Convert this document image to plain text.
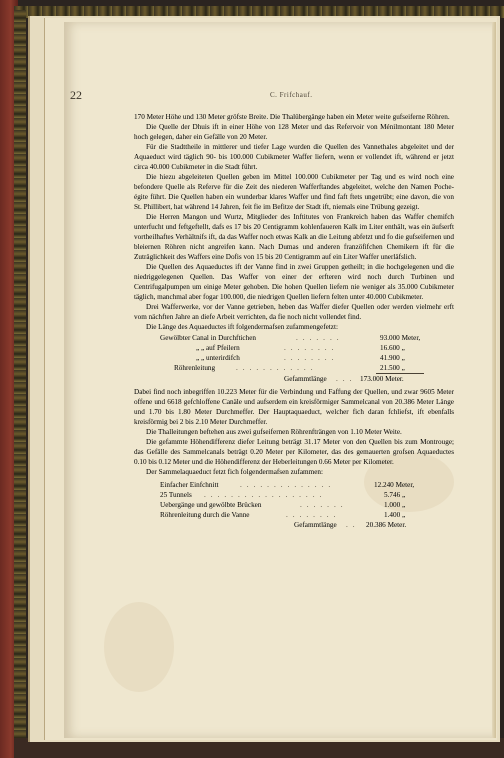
22	C. Frifchauf.

170 Meter Höhe und 130 Meter gröfste Breite. Die Thalübergänge haben ein Meter weite gufseiferne Röhren.

Die Quelle der Dhuis ift in einer Höhe von 128 Meter und das Refervoir von Ménilmontant 180 Meter hoch gelegen, daher ein Gefälle von 20 Meter.

Für die Stadttheile in mittlerer und tiefer Lage wurden die Quellen des Vannethales abgeleitet und der Aquaeduct wird täglich 90- bis 100.000 Cubikmeter Waffer liefern, wenn er vollendet ift, während er jetzt circa 40.000 Cubikmeter in die Stadt führt.

Die hiezu abgeleiteten Quellen geben im Mittel 100.000 Cubikmeter per Tag und es wird noch eine befondere Quelle als Referve für die Zeit des niederen Wafferftandes abgeleitet, welche den Namen Poche-égite führt. Die Quellen haben ein wunderbar klares Waffer und find faft ftets ungetrübt; eine davon, die von St. Phillibert, hat während 14 Jahren, feit fie im Befitze der Stadt ift, niemals eine Trübung gezeigt.

Die Herren Mangon und Wurtz, Mitglieder des Inftitutes von Frankreich haben das Waffer chemifch unterfucht und feftgeftellt, dafs es 17 bis 20 Centigramm kohlenfaueren Kalk im Liter enthält, was ein äufserft vortheilhaftes Verhältnifs ift, da das Waffer noch etwas Kalk an die Leitung abfetzt und fo die gufseifernen und bleiernen Röhren nicht angreifen kann. Nach Dumas und anderen franzöfifchen Chemikern ift für die Zuträglichkeit des Waffers eine Dofis von 15 bis 20 Centigramm auf ein Liter Waffer unerläfslich.

Die Quellen des Aquaeductes ift der Vanne find in zwei Gruppen getheilt; in die hochgelegenen und die niedriggelegenen Quellen. Das Waffer von einer der erfteren wird noch durch Turbinen und Centrifugalpumpen um einige Meter gehoben. Die hohen Quellen liefern nie weniger als 35.000 Cubikmeter täglich, manchmal aber fogar 100.000, die niedrigen Quellen liefern felten unter 40.000 Cubikmeter.

Drei Wafferwerke, vor der Vanne getrieben, heben das Waffer diefer Quellen oder werden vielmehr erft vom nächften Jahre an diefe Arbeit verrichten, da fie noch nicht vollendet find.

Die Länge des Aquaeductes ift folgendermafsen zufammengefetzt:

Gewölbter Canal in Durchftichen	. . . . . . .	93.000 Meter,
„ „ auf Pfeilern	. . . . . . . .	16.600 „
„ „ unterirdifch	. . . . . . . .	41.900 „
Röhrenleitung	. . . . . . . . . . . .	21.500 „
Gefammtlänge . . . 173.000 Meter.

Dabei find noch inbegriffen 10.223 Meter für die Verbindung und Faffung der Quellen, und zwar 9605 Meter offene und 6618 gefchloffene Canäle und aufserdem ein kreisförmiger Sammelcanal von 20.386 Meter Länge und 1.70 bis 1.80 Meter Durchmeffer. Der Hauptaquaeduct, welcher fich daran fchliefst, ift ebenfalls kreisförmig bei 2 bis 2.10 Meter Durchmeffer.

Die Thalleitungen beftehen aus zwei gufseifernen Röhrenfträngen von 1.10 Meter Weite.

Die gefammte Höhendifferenz diefer Leitung beträgt 31.17 Meter von den Quellen bis zum Montrouge; das Gefälle des Sammelcanals beträgt 0.20 Meter per Kilometer, das des gemauerten grofsen Aquaeductes 0.10 bis 0.12 Meter und die Höhendifferenz der Heberleitungen 0.66 Meter per Kilometer.

Der Sammelaquaeduct fetzt fich folgendermafsen zufammen:

Einfacher Einfchnitt	. . . . . . . . . . . . . .	12.240 Meter,
25 Tunnels . . . . . . . . . . . . . . . . . .	5.746 „
Uebergänge und gewölbte Brücken	. . . . . . .	1.000 „
Röhrenleitung durch die Vanne	. . . . . . . .	1.400 „
Gefammtlänge . . 20.386 Meter.
